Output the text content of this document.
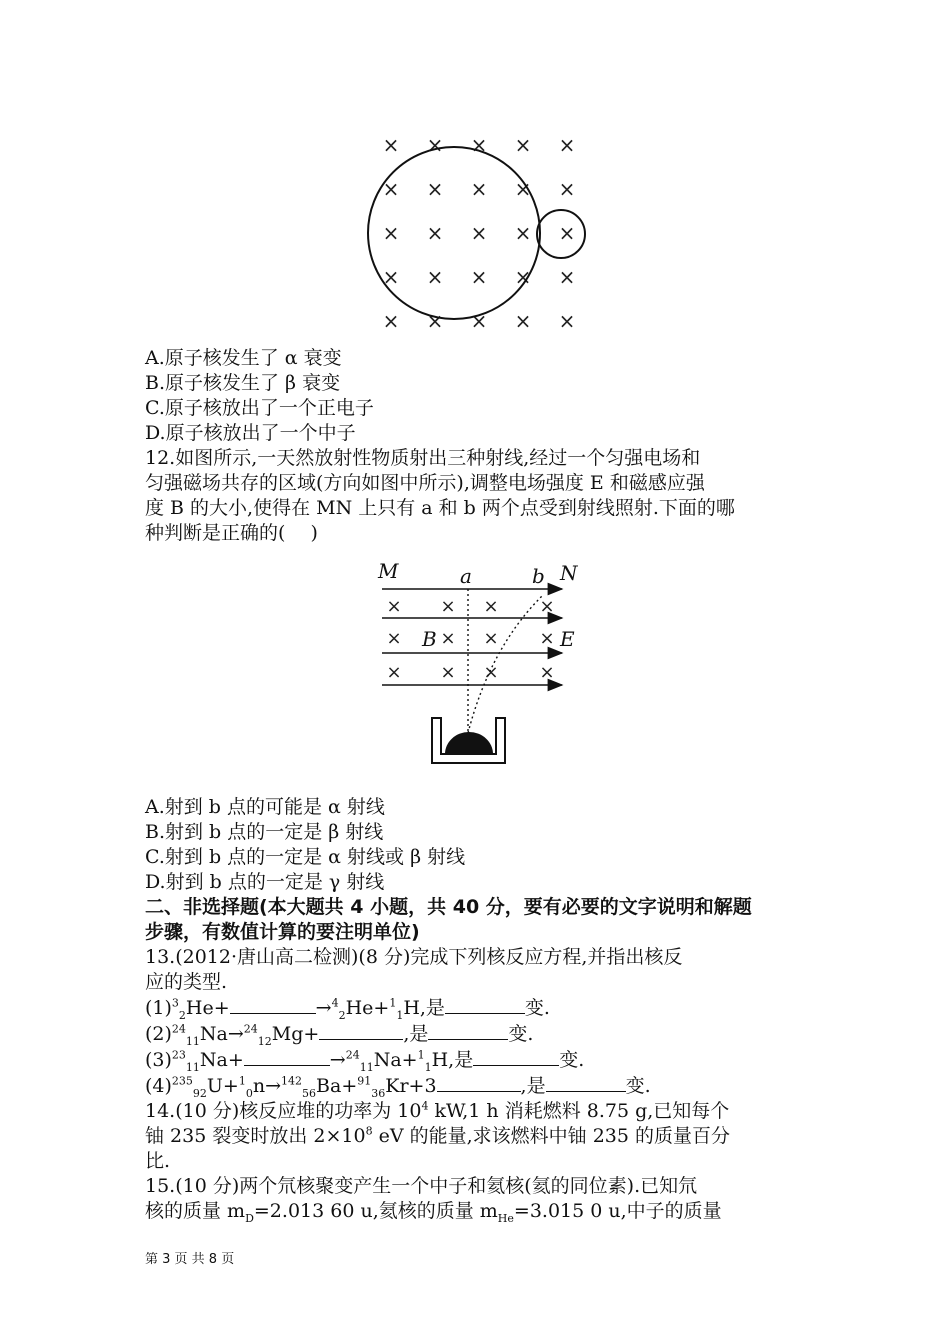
× × × × ×
× × × × ×
× × × × ×
× × × × ×
× × × × ×
A.原子核发生了 α 衰变
B.原子核发生了 β 衰变
C.原子核放出了一个正电子
D.原子核放出了一个中子
12.如图所示,一天然放射性物质射出三种射线,经过一个匀强电场和
匀强磁场共存的区域(方向如图中所示),调整电场强度 E 和磁感应强
度 B 的大小,使得在 MN 上只有 a 和 b 两个点受到射线照射.下面的哪
种判断是正确的(　 )
M	a	b N
B	E
× × × ×
× × × ×
× × × ×
A.射到 b 点的可能是 α 射线
B.射到 b 点的一定是 β 射线
C.射到 b 点的一定是 α 射线或 β 射线
D.射到 b 点的一定是 γ 射线
二、非选择题(本大题共 4 小题，共 40 分，要有必要的文字说明和解题
步骤，有数值计算的要注明单位)
13.(2012·唐山高二检测)(8 分)完成下列核反应方程,并指出核反
应的类型.
$(1)^3_2He+$	→$^4_2$He+$^1_1$H,是	变.
$(2)^{24}_{11}Na\to^{24}_{12}Mg+$	,是	变.
$(3)^{23}_{11}Na+$	→$^{24}_{11}$Na+$^1_1$H,是	变.
$(4)^{235}_{92}U+^1_0n\to^{142}_{56}Ba+^{91}_{36}Kr+3$	,是	变.
14.(10 分)核反应堆的功率为 $10^4$ kW,1 h 消耗燃料 8.75 g,已知每个
铀 235 裂变时放出 $2\times 10^8$ eV 的能量,求该燃料中铀 235 的质量百分
比.
15.(10 分)两个氘核聚变产生一个中子和氦核(氦的同位素).已知氘
核的质量 $m_D=2.013$ 60 u,氦核的质量 $m_{He}=3.015$ 0 u,中子的质量
第 3 页 共 8 页
